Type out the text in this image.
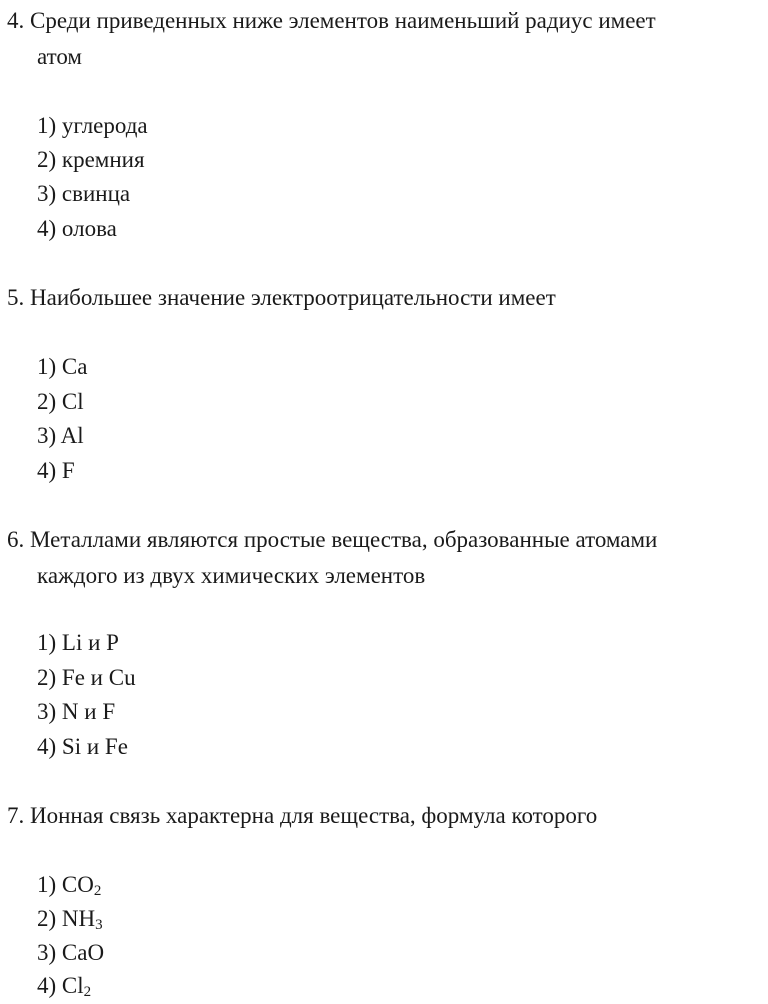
4. Среди приведенных ниже элементов наименьший радиус имеет
атом
1) углерода
2) кремния
3) свинца
4) олова
5. Наибольшее значение электроотрицательности имеет
1) Ca
2) Cl
3) Al
4) F
6. Металлами являются простые вещества, образованные атомами
каждого из двух химических элементов
1) Li и P
2) Fe и Cu
3) N и F
4) Si и Fe
7. Ионная связь характерна для вещества, формула которого
1) $CO_2$
2) $NH_3$
3) CaO
4) $Cl_2$
